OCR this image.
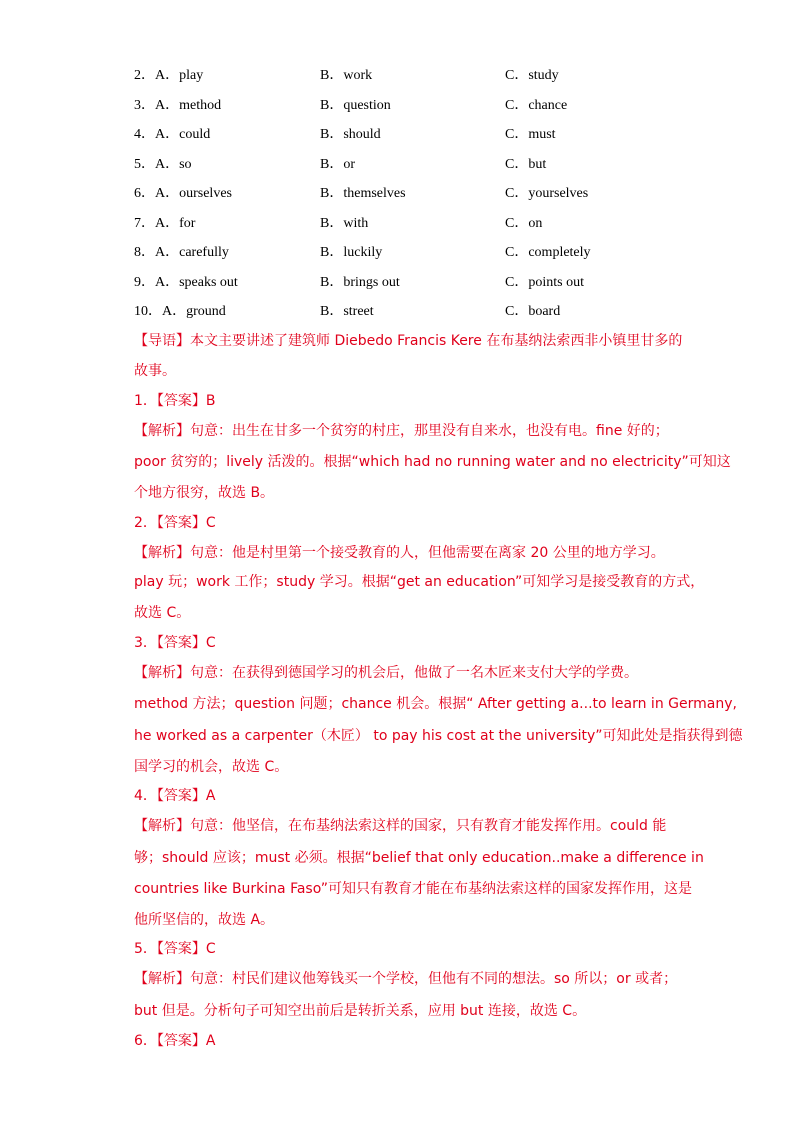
2．A．play	B．work	C．study
3．A．method	B．question	C．chance
4．A．could	B．should	C．must
5．A．so	B．or	C．but
6．A．ourselves	B．themselves	C．yourselves
7．A．for	B．with	C．on
8．A．carefully	B．luckily	C．completely
9．A．speaks out	B．brings out	C．points out
10．A．ground	B．street	C．board
【导语】本文主要讲述了建筑师 Diebedo Francis Kere 在布基纳法索西非小镇里甘多的
故事。
1．【答案】B
【解析】句意：出生在甘多一个贫穷的村庄，那里没有自来水，也没有电。fine 好的；
poor 贫穷的；lively 活泼的。根据“which had no running water and no electricity”可知这
个地方很穷，故选 B。
2．【答案】C
【解析】句意：他是村里第一个接受教育的人，但他需要在离家 20 公里的地方学习。
play 玩；work 工作；study 学习。根据“get an education”可知学习是接受教育的方式，
故选 C。
3．【答案】C
【解析】句意：在获得到德国学习的机会后，他做了一名木匠来支付大学的学费。
method 方法；question 问题；chance 机会。根据“ After getting a...to learn in Germany,
he worked as a carpenter（木匠） to pay his cost at the university”可知此处是指获得到德
国学习的机会，故选 C。
4．【答案】A
【解析】句意：他坚信，在布基纳法索这样的国家，只有教育才能发挥作用。could 能
够；should 应该；must 必须。根据“belief that only education..make a difference in
countries like Burkina Faso”可知只有教育才能在布基纳法索这样的国家发挥作用，这是
他所坚信的，故选 A。
5．【答案】C
【解析】句意：村民们建议他筹钱买一个学校，但他有不同的想法。so 所以；or 或者；
but 但是。分析句子可知空出前后是转折关系，应用 but 连接，故选 C。
6．【答案】A
